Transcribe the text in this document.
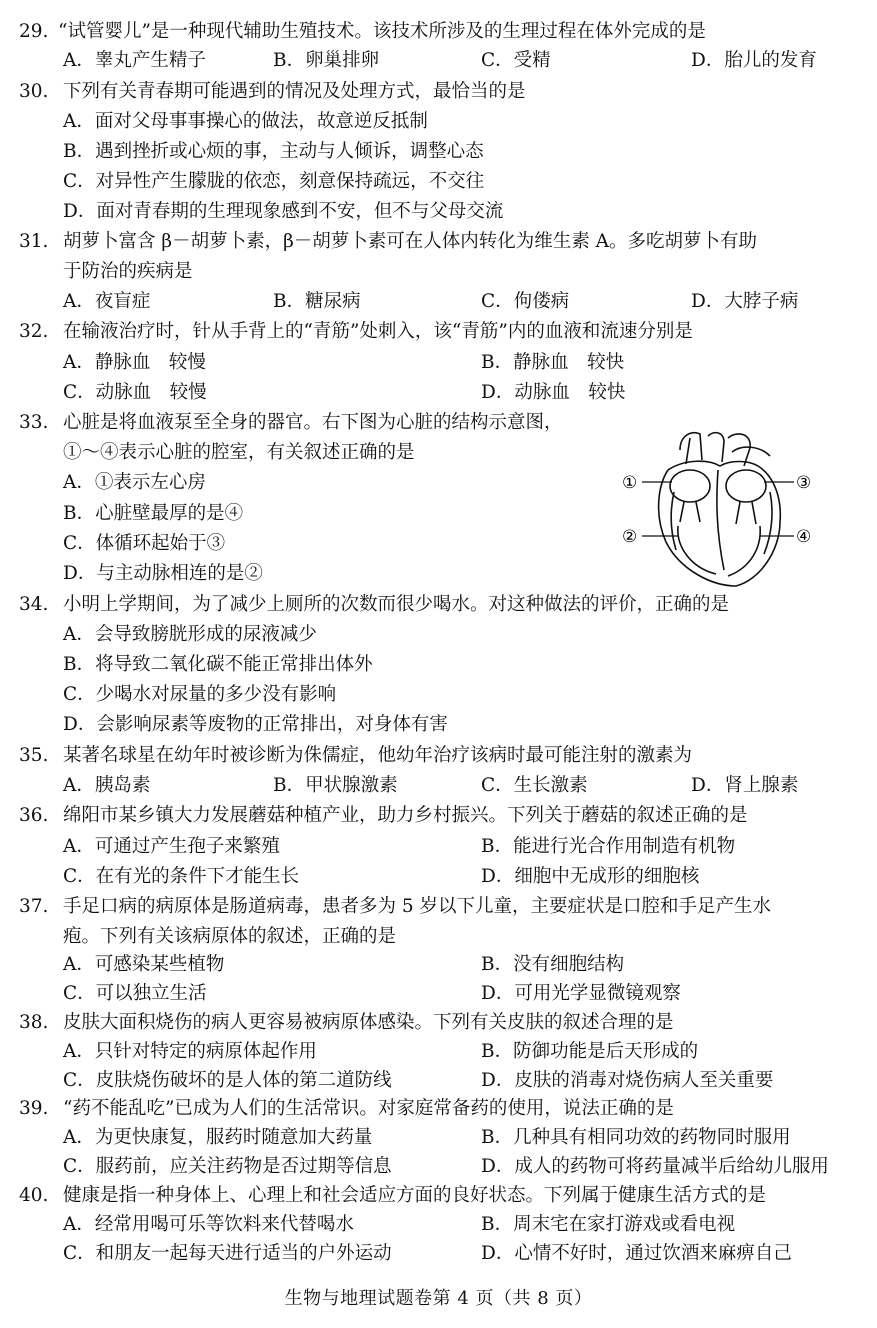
29. “试管婴儿”是一种现代辅助生殖技术。该技术所涉及的生理过程在体外完成的是
A．睾丸产生精子	B．卵巢排卵	C．受精	D．胎儿的发育
30. 下列有关青春期可能遇到的情况及处理方式，最恰当的是
A．面对父母事事操心的做法，故意逆反抵制
B．遇到挫折或心烦的事，主动与人倾诉，调整心态
C．对异性产生朦胧的依恋，刻意保持疏远，不交往
D．面对青春期的生理现象感到不安，但不与父母交流
31. 胡萝卜富含 β－胡萝卜素，β－胡萝卜素可在人体内转化为维生素 A。多吃胡萝卜有助
于防治的疾病是
A．夜盲症	B．糖尿病	C．佝偻病	D．大脖子病
32. 在输液治疗时，针从手背上的“青筋”处刺入，该“青筋”内的血液和流速分别是
A．静脉血　较慢	B．静脉血　较快
C．动脉血　较慢	D．动脉血　较快
33. 心脏是将血液泵至全身的器官。右下图为心脏的结构示意图，
①～④表示心脏的腔室，有关叙述正确的是
A．①表示左心房
B．心脏壁最厚的是④
C．体循环起始于③
D．与主动脉相连的是②
①
②
③
④
34. 小明上学期间，为了减少上厕所的次数而很少喝水。对这种做法的评价，正确的是
A．会导致膀胱形成的尿液减少
B．将导致二氧化碳不能正常排出体外
C．少喝水对尿量的多少没有影响
D．会影响尿素等废物的正常排出，对身体有害
35. 某著名球星在幼年时被诊断为侏儒症，他幼年治疗该病时最可能注射的激素为
A．胰岛素	B．甲状腺激素	C．生长激素	D．肾上腺素
36. 绵阳市某乡镇大力发展蘑菇种植产业，助力乡村振兴。下列关于蘑菇的叙述正确的是
A．可通过产生孢子来繁殖	B．能进行光合作用制造有机物
C．在有光的条件下才能生长	D．细胞中无成形的细胞核
37. 手足口病的病原体是肠道病毒，患者多为 5 岁以下儿童，主要症状是口腔和手足产生水
疱。下列有关该病原体的叙述，正确的是
A．可感染某些植物	B．没有细胞结构
C．可以独立生活	D．可用光学显微镜观察
38. 皮肤大面积烧伤的病人更容易被病原体感染。下列有关皮肤的叙述合理的是
A．只针对特定的病原体起作用	B．防御功能是后天形成的
C．皮肤烧伤破坏的是人体的第二道防线	D．皮肤的消毒对烧伤病人至关重要
39. “药不能乱吃”已成为人们的生活常识。对家庭常备药的使用，说法正确的是
A．为更快康复，服药时随意加大药量	B．几种具有相同功效的药物同时服用
C．服药前，应关注药物是否过期等信息	D．成人的药物可将药量减半后给幼儿服用
40. 健康是指一种身体上、心理上和社会适应方面的良好状态。下列属于健康生活方式的是
A．经常用喝可乐等饮料来代替喝水	B．周末宅在家打游戏或看电视
C．和朋友一起每天进行适当的户外运动	D．心情不好时，通过饮酒来麻痹自己
生物与地理试题卷第 4 页（共 8 页）
